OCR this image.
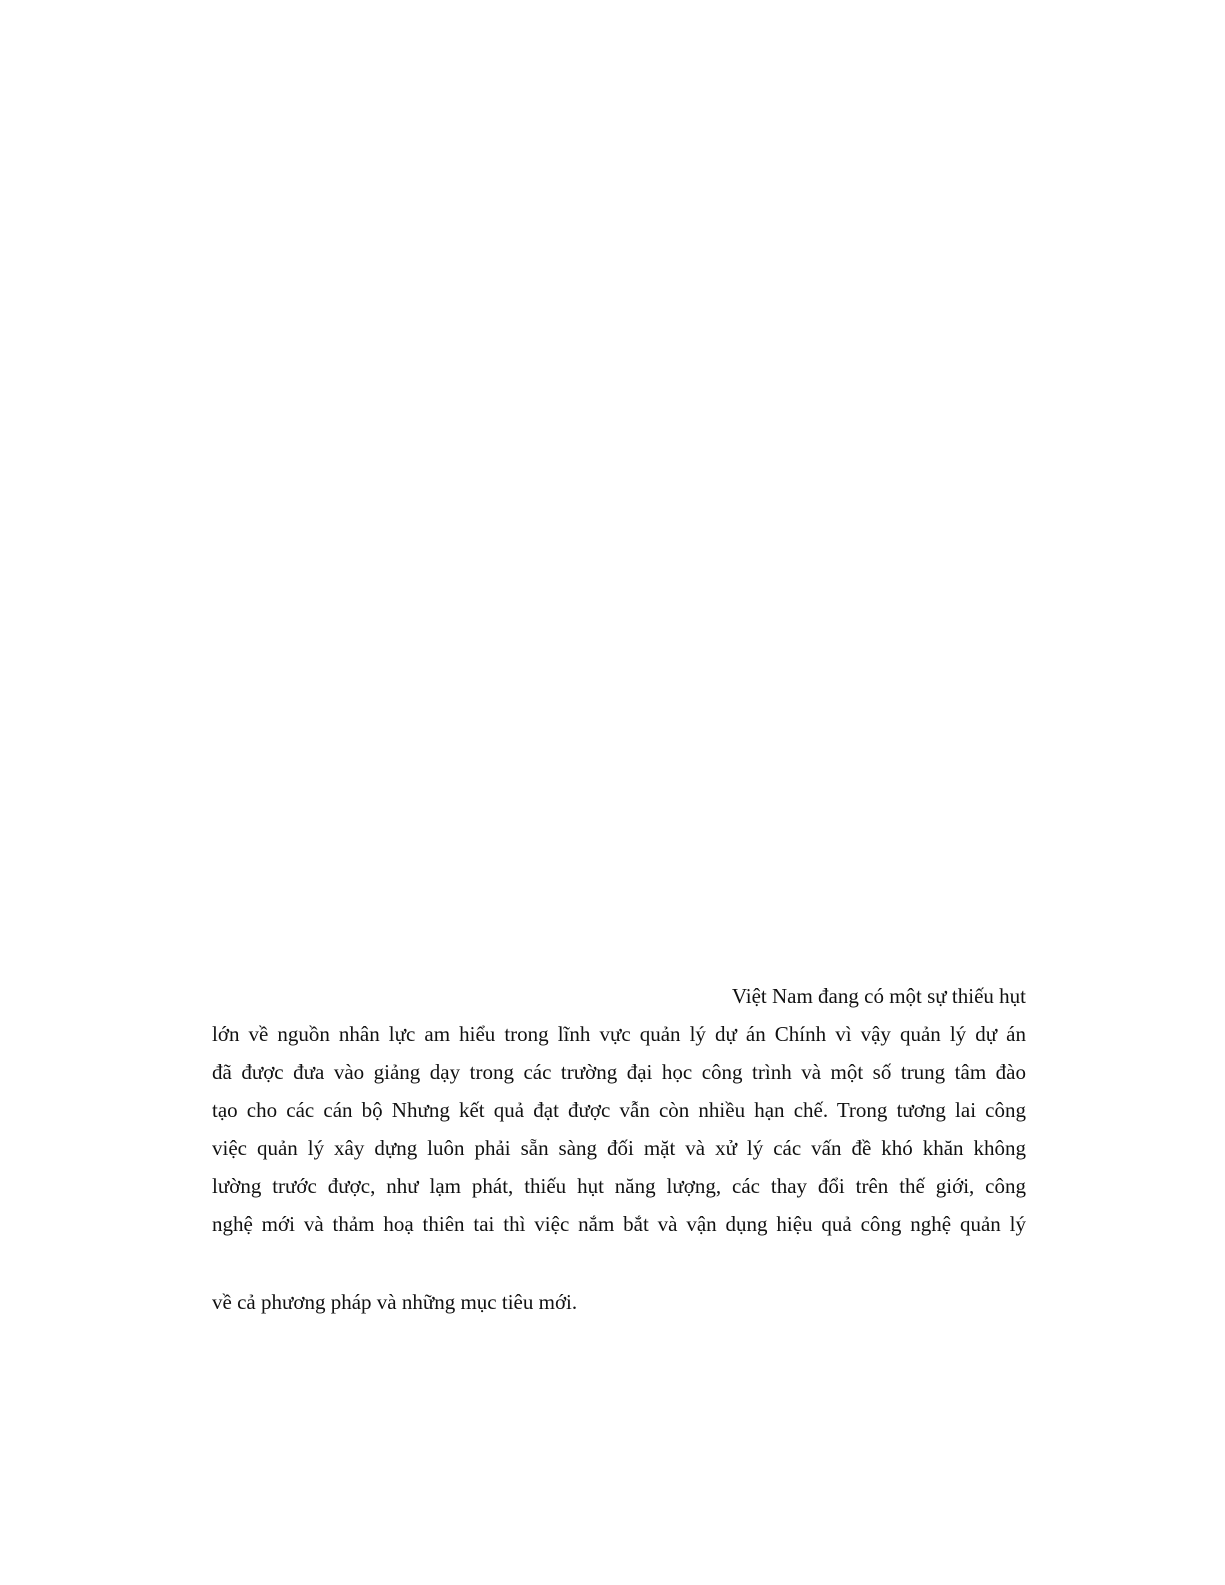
Việt Nam đang có một sự thiếu hụt
lớn về nguồn nhân lực am hiểu trong lĩnh vực quản lý dự án Chính vì vậy quản lý dự án
đã được đưa vào giảng dạy trong các trường đại học công trình và một số trung tâm đào
tạo cho các cán bộ Nhưng kết quả đạt được vẫn còn nhiều hạn chế. Trong tương lai công
việc quản lý xây dựng luôn phải sẵn sàng đối mặt và xử lý các vấn đề khó khăn không
lường trước được, như lạm phát, thiếu hụt năng lượng, các thay đổi trên thế giới, công
nghệ mới và thảm hoạ thiên tai thì việc nắm bắt và vận dụng hiệu quả công nghệ quản lý
về cả phương pháp và những mục tiêu mới.
